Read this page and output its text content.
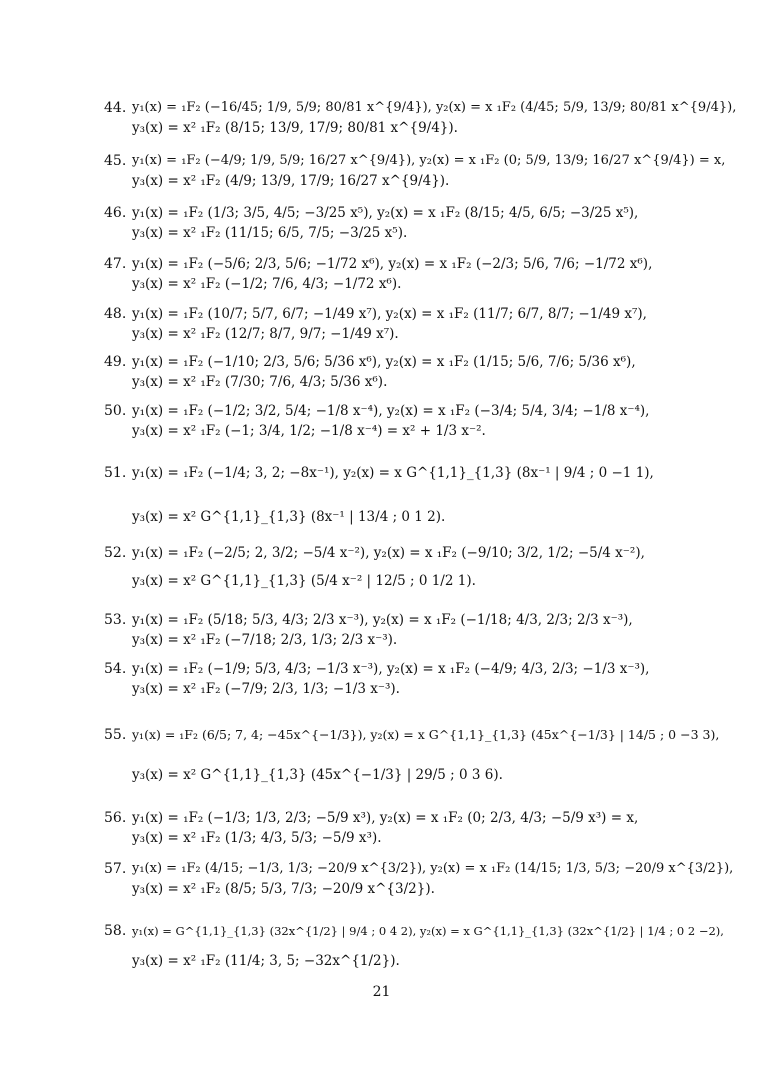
44. y₁(x) = ₁F₂ (−16/45; 1/9, 5/9; 80/81 x^{9/4}), y₂(x) = x ₁F₂ (4/45; 5/9, 13/9; 80/81 x^{9/4}),
y₃(x) = x² ₁F₂ (8/15; 13/9, 17/9; 80/81 x^{9/4}).
45. y₁(x) = ₁F₂ (−4/9; 1/9, 5/9; 16/27 x^{9/4}), y₂(x) = x ₁F₂ (0; 5/9, 13/9; 16/27 x^{9/4}) = x,
y₃(x) = x² ₁F₂ (4/9; 13/9, 17/9; 16/27 x^{9/4}).
46. y₁(x) = ₁F₂ (1/3; 3/5, 4/5; −3/25 x⁵), y₂(x) = x ₁F₂ (8/15; 4/5, 6/5; −3/25 x⁵),
y₃(x) = x² ₁F₂ (11/15; 6/5, 7/5; −3/25 x⁵).
47. y₁(x) = ₁F₂ (−5/6; 2/3, 5/6; −1/72 x⁶), y₂(x) = x ₁F₂ (−2/3; 5/6, 7/6; −1/72 x⁶),
y₃(x) = x² ₁F₂ (−1/2; 7/6, 4/3; −1/72 x⁶).
48. y₁(x) = ₁F₂ (10/7; 5/7, 6/7; −1/49 x⁷), y₂(x) = x ₁F₂ (11/7; 6/7, 8/7; −1/49 x⁷),
y₃(x) = x² ₁F₂ (12/7; 8/7, 9/7; −1/49 x⁷).
49. y₁(x) = ₁F₂ (−1/10; 2/3, 5/6; 5/36 x⁶), y₂(x) = x ₁F₂ (1/15; 5/6, 7/6; 5/36 x⁶),
y₃(x) = x² ₁F₂ (7/30; 7/6, 4/3; 5/36 x⁶).
50. y₁(x) = ₁F₂ (−1/2; 3/2, 5/4; −1/8 x⁻⁴), y₂(x) = x ₁F₂ (−3/4; 5/4, 3/4; −1/8 x⁻⁴),
y₃(x) = x² ₁F₂ (−1; 3/4, 1/2; −1/8 x⁻⁴) = x² + 1/3 x⁻².
51. y₁(x) = ₁F₂ (−1/4; 3, 2; −8x⁻¹), y₂(x) = x G^{1,1}_{1,3} (8x⁻¹ | 9/4 ; 0 −1 1),
y₃(x) = x² G^{1,1}_{1,3} (8x⁻¹ | 13/4 ; 0 1 2).
52. y₁(x) = ₁F₂ (−2/5; 2, 3/2; −5/4 x⁻²), y₂(x) = x ₁F₂ (−9/10; 3/2, 1/2; −5/4 x⁻²),
y₃(x) = x² G^{1,1}_{1,3} (5/4 x⁻² | 12/5 ; 0 1/2 1).
53. y₁(x) = ₁F₂ (5/18; 5/3, 4/3; 2/3 x⁻³), y₂(x) = x ₁F₂ (−1/18; 4/3, 2/3; 2/3 x⁻³),
y₃(x) = x² ₁F₂ (−7/18; 2/3, 1/3; 2/3 x⁻³).
54. y₁(x) = ₁F₂ (−1/9; 5/3, 4/3; −1/3 x⁻³), y₂(x) = x ₁F₂ (−4/9; 4/3, 2/3; −1/3 x⁻³),
y₃(x) = x² ₁F₂ (−7/9; 2/3, 1/3; −1/3 x⁻³).
55. y₁(x) = ₁F₂ (6/5; 7, 4; −45x^{−1/3}), y₂(x) = x G^{1,1}_{1,3} (45x^{−1/3} | 14/5 ; 0 −3 3),
y₃(x) = x² G^{1,1}_{1,3} (45x^{−1/3} | 29/5 ; 0 3 6).
56. y₁(x) = ₁F₂ (−1/3; 1/3, 2/3; −5/9 x³), y₂(x) = x ₁F₂ (0; 2/3, 4/3; −5/9 x³) = x,
y₃(x) = x² ₁F₂ (1/3; 4/3, 5/3; −5/9 x³).
57. y₁(x) = ₁F₂ (4/15; −1/3, 1/3; −20/9 x^{3/2}), y₂(x) = x ₁F₂ (14/15; 1/3, 5/3; −20/9 x^{3/2}),
y₃(x) = x² ₁F₂ (8/5; 5/3, 7/3; −20/9 x^{3/2}).
58. y₁(x) = G^{1,1}_{1,3} (32x^{1/2} | 9/4 ; 0 4 2), y₂(x) = x G^{1,1}_{1,3} (32x^{1/2} | 1/4 ; 0 2 −2),
y₃(x) = x² ₁F₂ (11/4; 3, 5; −32x^{1/2}).
21
